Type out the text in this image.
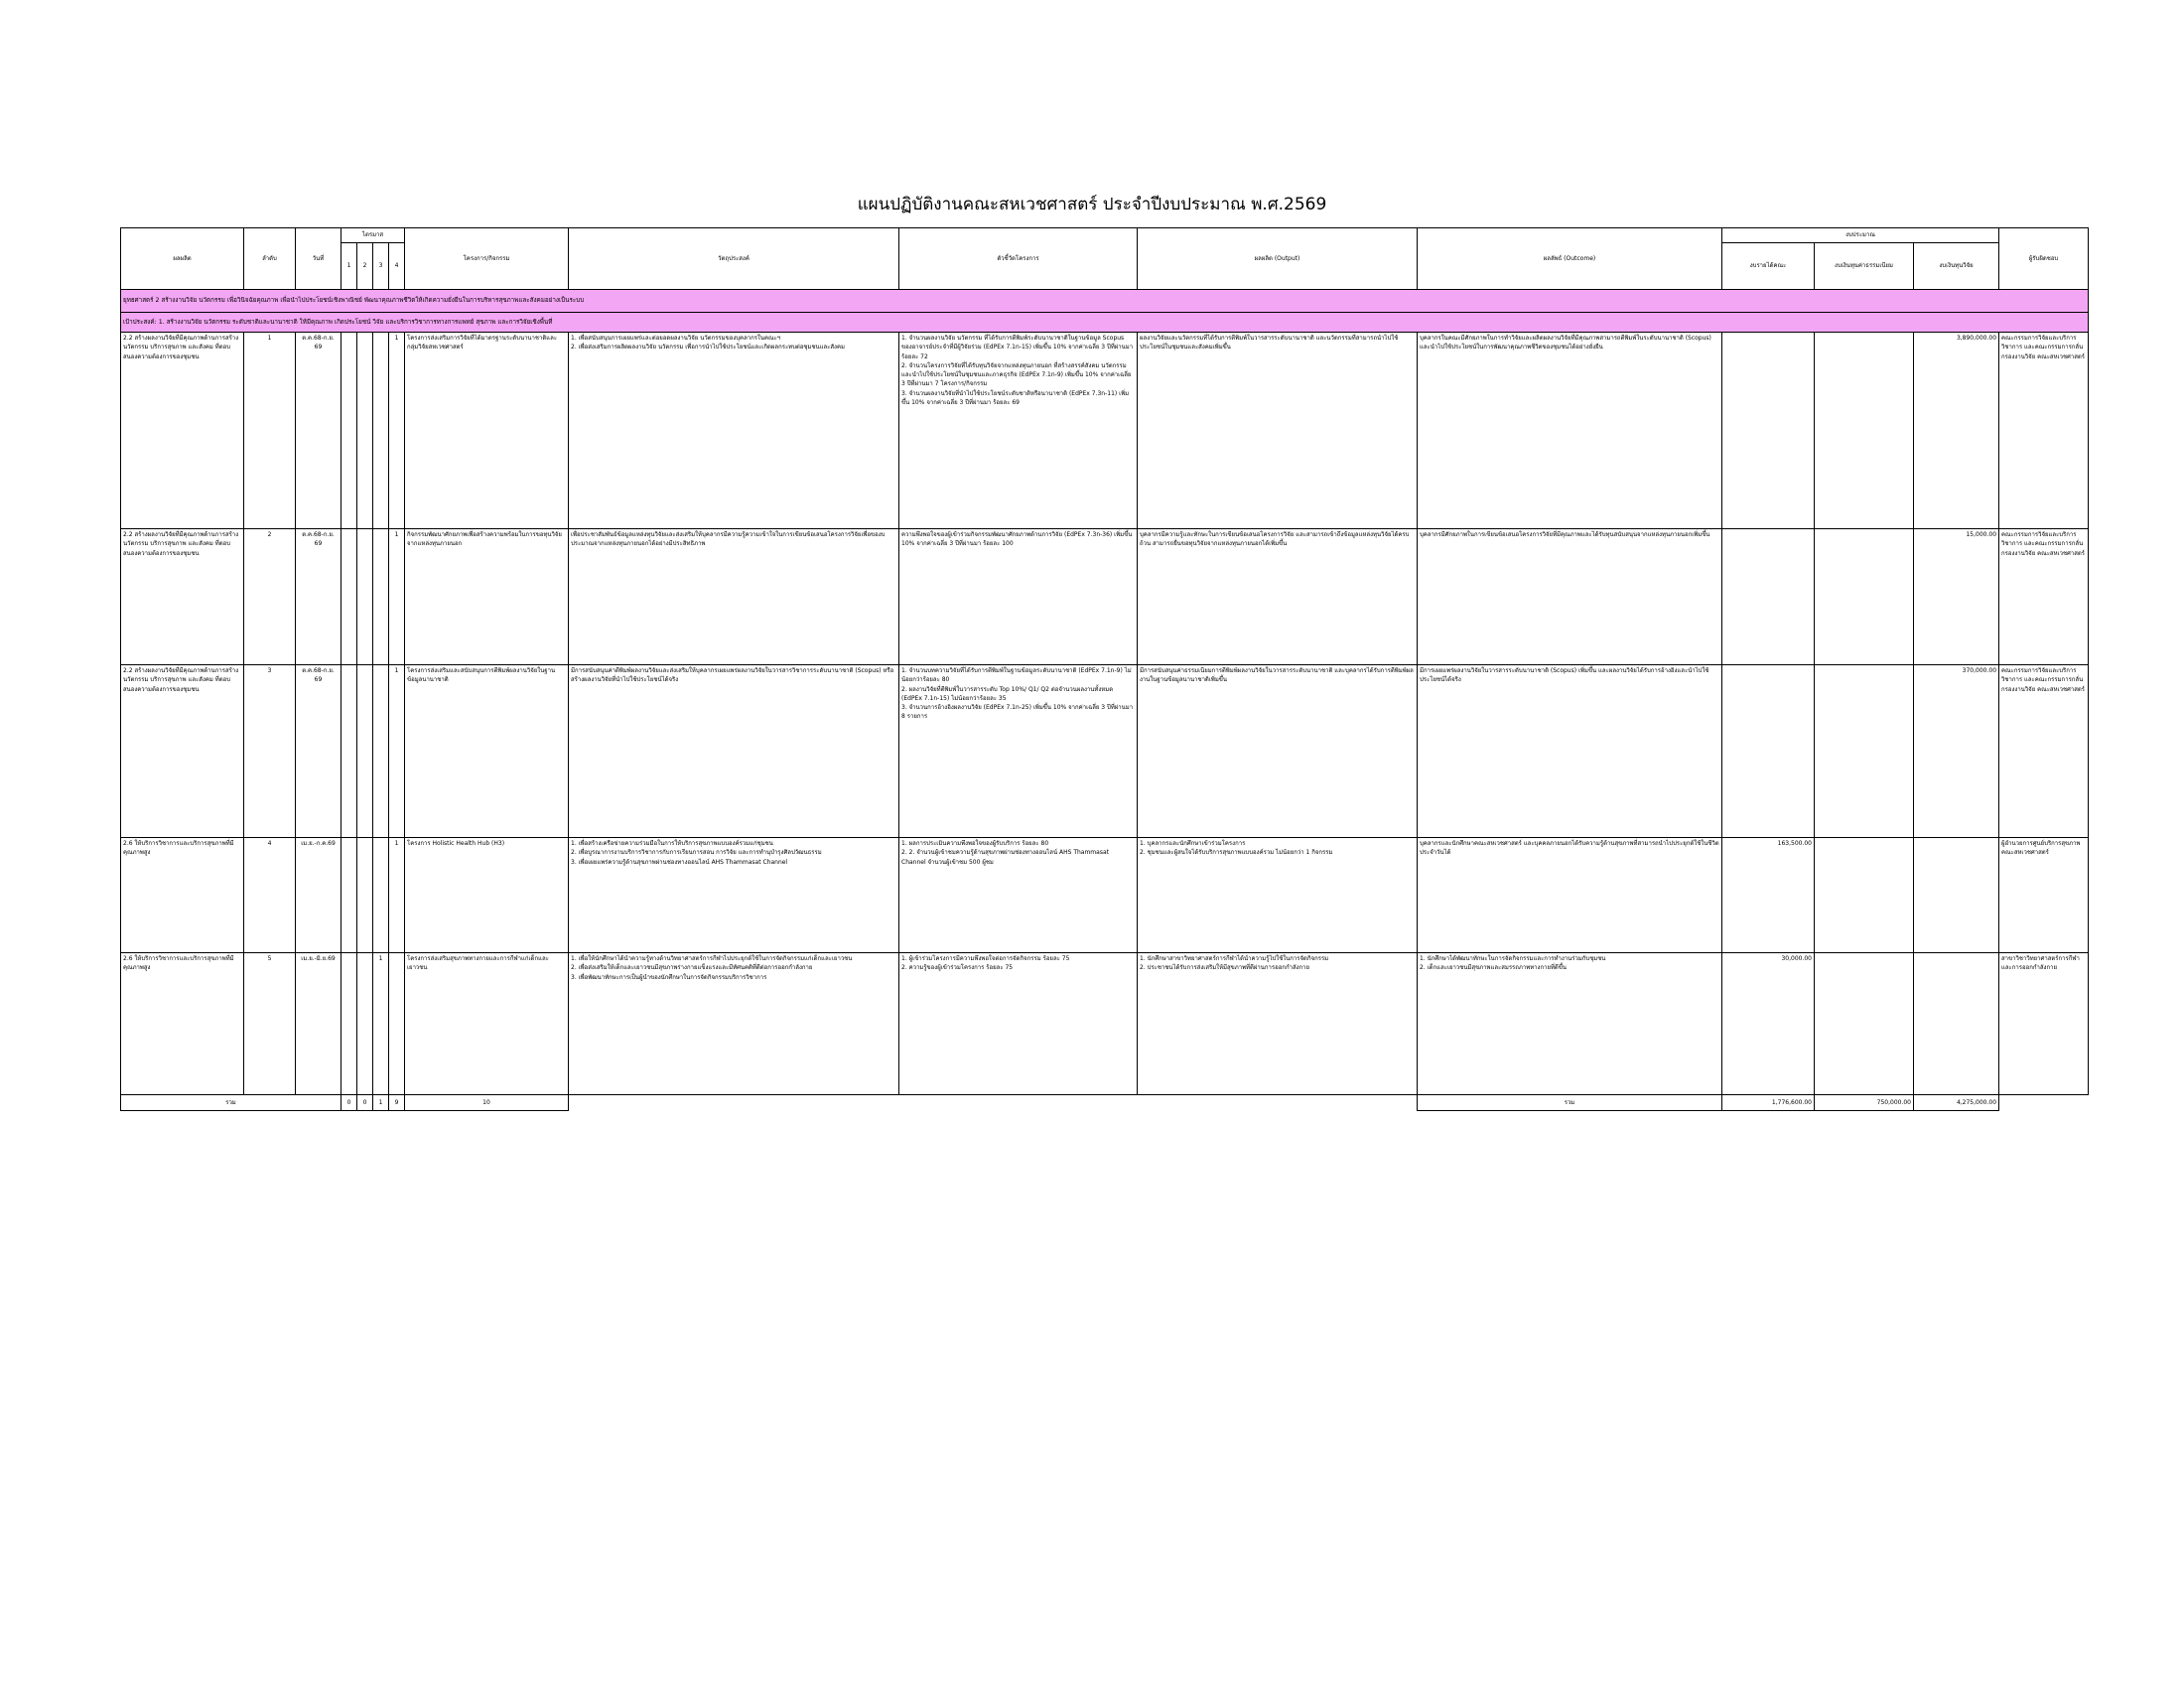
แผนปฏิบัติงานคณะสหเวชศาสตร์ ประจำปีงบประมาณ พ.ศ.2569
ผลผลิต	ลำดับ	วันที่	ไตรมาส				โครงการ/กิจกรรม	วัตถุประสงค์	ตัวชี้วัดโครงการ	ผลผลิต (Output)	ผลลัพธ์ (Outcome)	งบประมาณ			ผู้รับผิดชอบ
			1	2	3	4						งบรายได้คณะ	งบเงินทุนค่าธรรมเนียม	งบเงินทุนวิจัย	
ยุทธศาสตร์ 2 สร้างงานวิจัย นวัตกรรม เพื่อวินิจฉัยคุณภาพ เพื่อนำไปประโยชน์เชิงพาณิชย์ พัฒนาคุณภาพชีวิตให้เกิดความยั่งยืนในการบริหารสุขภาพและสังคมอย่างเป็นระบบ															
เป้าประสงค์: 1. สร้างงานวิจัย นวัตกรรม ระดับชาติและนานาชาติ ให้มีคุณภาพ เกิดประโยชน์ วิจัย และบริการวิชาการทางการแพทย์ สุขภาพ และการวิจัยเชิงพื้นที่															
2.2 สร้างผลงานวิจัยที่มีคุณภาพด้านการสร้างนวัตกรรม บริการสุขภาพ และสังคม ที่ตอบสนองความต้องการของชุมชน	1	ต.ค.68-ก.ย. 69				1	โครงการส่งเสริมการวิจัยที่ได้มาตรฐานระดับนานาชาติและกลุ่มวิจัยสหเวชศาสตร์	1. เพื่อสนับสนุนการเผยแพร่และต่อยอดผลงานวิจัย นวัตกรรมของบุคลากรในคณะฯ
2. เพื่อส่งเสริมการผลิตผลงานวิจัย นวัตกรรม เพื่อการนำไปใช้ประโยชน์และเกิดผลกระทบต่อชุมชนและสังคม	1. จำนวนผลงานวิจัย นวัตกรรม ที่ได้รับการตีพิมพ์ระดับนานาชาติในฐานข้อมูล Scopus ของอาจารย์ประจำที่มีผู้วิจัยร่วม (EdPEx 7.1n-15) เพิ่มขึ้น 10% จากค่าเฉลี่ย 3 ปีที่ผ่านมา ร้อยละ 72
2. จำนวนโครงการวิจัยที่ได้รับทุนวิจัยจากแหล่งทุนภายนอก ที่สร้างสรรค์สังคม นวัตกรรม และนำไปใช้ประโยชน์ในชุมชนและภาคธุรกิจ (EdPEx 7.1n-9) เพิ่มขึ้น 10% จากค่าเฉลี่ย 3 ปีที่ผ่านมา 7 โครงการ/กิจกรรม
3. จำนวนผลงานวิจัยที่นำไปใช้ประโยชน์ระดับชาติหรือนานาชาติ (EdPEx 7.3n-11) เพิ่มขึ้น 10% จากค่าเฉลี่ย 3 ปีที่ผ่านมา ร้อยละ 69	ผลงานวิจัยและนวัตกรรมที่ได้รับการตีพิมพ์ในวารสารระดับนานาชาติ และนวัตกรรมที่สามารถนำไปใช้ประโยชน์ในชุมชนและสังคมเพิ่มขึ้น	บุคลากรในคณะมีศักยภาพในการทำวิจัยและผลิตผลงานวิจัยที่มีคุณภาพสามารถตีพิมพ์ในระดับนานาชาติ (Scopus) และนำไปใช้ประโยชน์ในการพัฒนาคุณภาพชีวิตของชุมชนได้อย่างยั่งยืน			3,890,000.00	คณะกรรมการวิจัยและบริการวิชาการ และคณะกรรมการกลั่นกรองงานวิจัย คณะสหเวชศาสตร์
2.2 สร้างผลงานวิจัยที่มีคุณภาพด้านการสร้างนวัตกรรม บริการสุขภาพ และสังคม ที่ตอบสนองความต้องการของชุมชน	2	ต.ค.68-ก.ย. 69				1	กิจกรรมพัฒนาศักยภาพเพื่อสร้างความพร้อมในการขอทุนวิจัยจากแหล่งทุนภายนอก	เพื่อประชาสัมพันธ์ข้อมูลแหล่งทุนวิจัยและส่งเสริมให้บุคลากรมีความรู้ความเข้าใจในการเขียนข้อเสนอโครงการวิจัยเพื่อของบประมาณจากแหล่งทุนภายนอกได้อย่างมีประสิทธิภาพ	ความพึงพอใจของผู้เข้าร่วมกิจกรรมพัฒนาศักยภาพด้านการวิจัย (EdPEx 7.3n-36) เพิ่มขึ้น 10% จากค่าเฉลี่ย 3 ปีที่ผ่านมา ร้อยละ 100	บุคลากรมีความรู้และทักษะในการเขียนข้อเสนอโครงการวิจัย และสามารถเข้าถึงข้อมูลแหล่งทุนวิจัยได้ครบถ้วน สามารถยื่นขอทุนวิจัยจากแหล่งทุนภายนอกได้เพิ่มขึ้น	บุคลากรมีศักยภาพในการเขียนข้อเสนอโครงการวิจัยที่มีคุณภาพและได้รับทุนสนับสนุนจากแหล่งทุนภายนอกเพิ่มขึ้น			15,000.00	คณะกรรมการวิจัยและบริการวิชาการ และคณะกรรมการกลั่นกรองงานวิจัย คณะสหเวชศาสตร์
2.2 สร้างผลงานวิจัยที่มีคุณภาพด้านการสร้างนวัตกรรม บริการสุขภาพ และสังคม ที่ตอบสนองความต้องการของชุมชน	3	ต.ค.68-ก.ย. 69				1	โครงการส่งเสริมและสนับสนุนการตีพิมพ์ผลงานวิจัยในฐานข้อมูลนานาชาติ	มีการสนับสนุนค่าตีพิมพ์ผลงานวิจัยและส่งเสริมให้บุคลากรเผยแพร่ผลงานวิจัยในวารสารวิชาการระดับนานาชาติ (Scopus) หรือสร้างผลงานวิจัยที่นำไปใช้ประโยชน์ได้จริง	1. จำนวนบทความวิจัยที่ได้รับการตีพิมพ์ในฐานข้อมูลระดับนานาชาติ (EdPEx 7.1n-9) ไม่น้อยกว่าร้อยละ 80
2. ผลงานวิจัยที่ตีพิมพ์ในวารสารระดับ Top 10%/ Q1/ Q2 ต่อจำนวนผลงานทั้งหมด (EdPEx 7.1n-15) ไม่น้อยกว่าร้อยละ 35
3. จำนวนการอ้างอิงผลงานวิจัย (EdPEx 7.1n-25) เพิ่มขึ้น 10% จากค่าเฉลี่ย 3 ปีที่ผ่านมา 8 รายการ	มีการสนับสนุนค่าธรรมเนียมการตีพิมพ์ผลงานวิจัยในวารสารระดับนานาชาติ และบุคลากรได้รับการตีพิมพ์ผลงานในฐานข้อมูลนานาชาติเพิ่มขึ้น	มีการเผยแพร่ผลงานวิจัยในวารสารระดับนานาชาติ (Scopus) เพิ่มขึ้น และผลงานวิจัยได้รับการอ้างอิงและนำไปใช้ประโยชน์ได้จริง			370,000.00	คณะกรรมการวิจัยและบริการวิชาการ และคณะกรรมการกลั่นกรองงานวิจัย คณะสหเวชศาสตร์
2.6 ให้บริการวิชาการและบริการสุขภาพที่มีคุณภาพสูง	4	เม.ย.-ก.ค.69				1	โครงการ Holistic Health Hub (H3)	1. เพื่อสร้างเครือข่ายความร่วมมือในการให้บริการสุขภาพแบบองค์รวมแก่ชุมชน
2. เพื่อบูรณาการงานบริการวิชาการกับการเรียนการสอน การวิจัย และการทำนุบำรุงศิลปวัฒนธรรม
3. เพื่อเผยแพร่ความรู้ด้านสุขภาพผ่านช่องทางออนไลน์ AHS Thammasat Channel	1. ผลการประเมินความพึงพอใจของผู้รับบริการ ร้อยละ 80
2. 2. จำนวนผู้เข้าชมความรู้ด้านสุขภาพผ่านช่องทางออนไลน์ AHS Thammasat Channel จำนวนผู้เข้าชม 500 ผู้ชม	1. บุคลากรและนักศึกษาเข้าร่วมโครงการ
2. ชุมชนและผู้สนใจได้รับบริการสุขภาพแบบองค์รวม ไม่น้อยกว่า 1 กิจกรรม	บุคลากรและนักศึกษาคณะสหเวชศาสตร์ และบุคคลภายนอกได้รับความรู้ด้านสุขภาพที่สามารถนำไปประยุกต์ใช้ในชีวิตประจำวันได้	163,500.00			ผู้อำนวยการศูนย์บริการสุขภาพคณะสหเวชศาสตร์
2.6 ให้บริการวิชาการและบริการสุขภาพที่มีคุณภาพสูง	5	เม.ย.-มิ.ย.69			1		โครงการส่งเสริมสุขภาพทางกายและการกีฬาแก่เด็กและเยาวชน	1. เพื่อให้นักศึกษาได้นำความรู้ทางด้านวิทยาศาสตร์การกีฬาไปประยุกต์ใช้ในการจัดกิจกรรมแก่เด็กและเยาวชน
2. เพื่อส่งเสริมให้เด็กและเยาวชนมีสุขภาพร่างกายแข็งแรงและมีทัศนคติที่ดีต่อการออกกำลังกาย
3. เพื่อพัฒนาทักษะการเป็นผู้นำของนักศึกษาในการจัดกิจกรรมบริการวิชาการ	1. ผู้เข้าร่วมโครงการมีความพึงพอใจต่อการจัดกิจกรรม ร้อยละ 75
2. ความรู้ของผู้เข้าร่วมโครงการ ร้อยละ 75	1. นักศึกษาสาขาวิทยาศาสตร์การกีฬาได้นำความรู้ไปใช้ในการจัดกิจกรรม
2. ประชาชนได้รับการส่งเสริมให้มีสุขภาพที่ดีผ่านการออกกำลังกาย	1. นักศึกษาได้พัฒนาทักษะในการจัดกิจกรรมและการทำงานร่วมกับชุมชน
2. เด็กและเยาวชนมีสุขภาพและสมรรถภาพทางกายที่ดีขึ้น	30,000.00			สาขาวิชาวิทยาศาสตร์การกีฬาและการออกกำลังกาย
รวม			0	0	1	9	10				รวม	1,776,600.00	750,000.00	4,275,000.00	
